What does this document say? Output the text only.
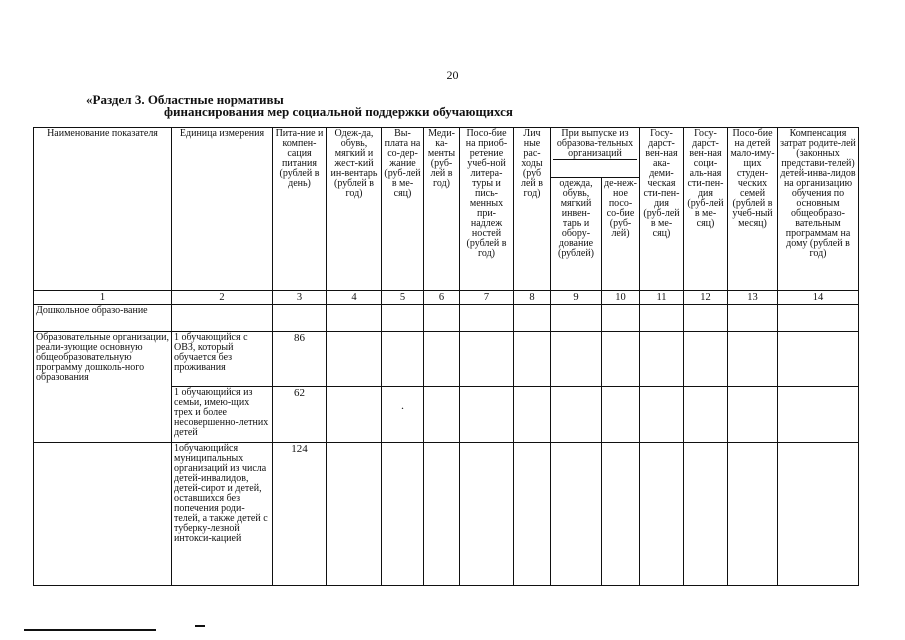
20
«Раздел 3. Областные нормативы
финансирования мер социальной поддержки обучающихся
Наименование показателя	Единица измерения	Пита-ние и компен-сация питания (рублей в день)	Одеж-да, обувь, мягкий и жест-кий ин-вентарь (рублей в год)	Вы-плата на со-дер-жание (руб-лей в ме-сяц)	Меди-ка-менты (руб-лей в год)	Посо-бие на приоб-ретение учеб-ной литера-туры и пись-менных при-надлеж ностей (рублей в год)	Лич ные рас-ходы (руб лей в год)	При выпуске из образова-тельных организаций		Госу-дарст-вен-ная ака-деми-ческая сти-пен-дия (руб-лей в ме-сяц)	Госу-дарст-вен-ная соци-аль-ная сти-пен-дия (руб-лей в ме-сяц)	Посо-бие на детей мало-иму-щих студен-ческих семей (рублей в учеб-ный месяц)	Компенсация затрат родите-лей (законных представи-телей) детей-инва-лидов на организацию обучения по основным общеобразо-вательным программам на дому (рублей в год)
								одежда, обувь, мягкий инвен-тарь и обору-дование (рублей)	де-неж-ное посо-со-бие (руб-лей)				
1	2	3	4	5	6	7	8	9	10	11	12	13	14
Дошкольное образо-вание													
Образовательные организации, реали-зующие основную общеобразовательную программу дошколь-ного образования	1 обучающийся с ОВЗ, который обучается без проживания	86											
	1 обучающийся из семьи, имею-щих трех и более несовершенно-летних детей	62		·									

	1обучающийся муниципальных организаций из числа детей-инвалидов, детей-сирот и детей, оставшихся без попечения роди-телей, а также детей с туберку-лезной интокси-кацией	124											
